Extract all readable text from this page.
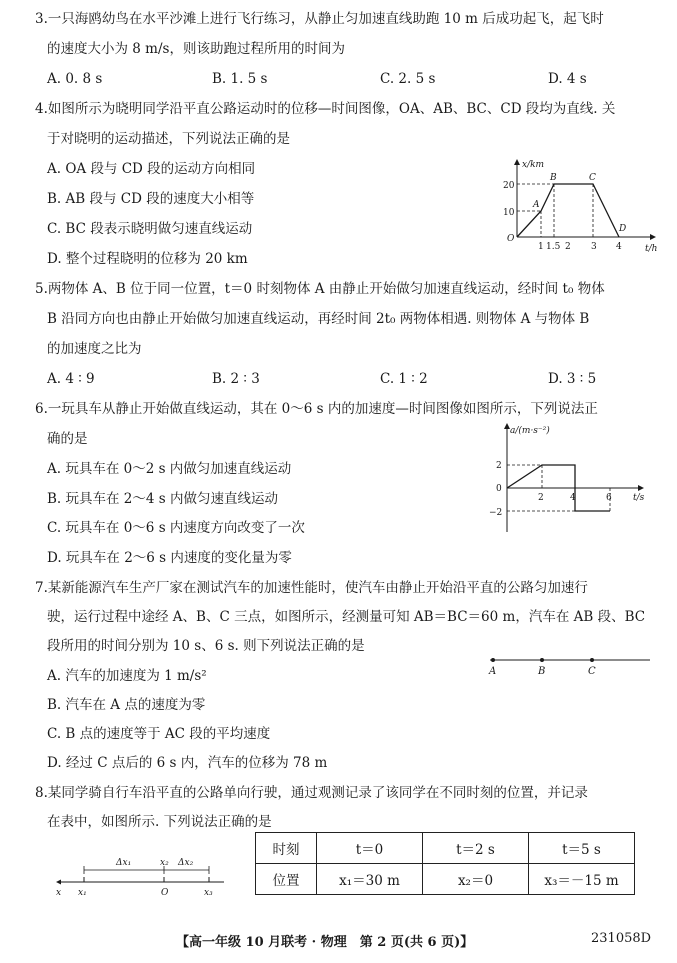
3.一只海鸥幼鸟在水平沙滩上进行飞行练习，从静止匀加速直线助跑 10 m 后成功起飞，起飞时
的速度大小为 8 m/s，则该助跑过程所用的时间为
A. 0. 8 s	B. 1. 5 s	C. 2. 5 s	D. 4 s
4.如图所示为晓明同学沿平直公路运动时的位移—时间图像，OA、AB、BC、CD 段均为直线. 关
于对晓明的运动描述，下列说法正确的是
A. OA 段与 CD 段的运动方向相同
B. AB 段与 CD 段的速度大小相等
C. BC 段表示晓明做匀速直线运动
D. 整个过程晓明的位移为 20 km
x/km
t/h
O
20
10
1 1.5 2 3 4
A
B	C
D
5.两物体 A、B 位于同一位置，t＝0 时刻物体 A 由静止开始做匀加速直线运动，经时间 t₀ 物体
B 沿同方向也由静止开始做匀加速直线运动，再经时间 2t₀ 两物体相遇. 则物体 A 与物体 B
的加速度之比为
A. 4 ∶ 9	B. 2 ∶ 3	C. 1 ∶ 2	D. 3 ∶ 5
6.一玩具车从静止开始做直线运动，其在 0～6 s 内的加速度—时间图像如图所示，下列说法正
确的是
A. 玩具车在 0～2 s 内做匀加速直线运动
B. 玩具车在 2～4 s 内做匀速直线运动
C. 玩具车在 0～6 s 内速度方向改变了一次
D. 玩具车在 2～6 s 内速度的变化量为零
a/(m·s⁻²)
t/s
2
0
−2
2	4	6
7.某新能源汽车生产厂家在测试汽车的加速性能时，使汽车由静止开始沿平直的公路匀加速行
驶，运行过程中途经 A、B、C 三点，如图所示，经测量可知 AB＝BC＝60 m，汽车在 AB 段、BC
段所用的时间分别为 10 s、6 s. 则下列说法正确的是
A. 汽车的加速度为 1 m/s²
B. 汽车在 A 点的速度为零
C. B 点的速度等于 AC 段的平均速度
D. 经过 C 点后的 6 s 内，汽车的位移为 78 m
A	B	C
8.某同学骑自行车沿平直的公路单向行驶，通过观测记录了该同学在不同时刻的位置，并记录
在表中，如图所示. 下列说法正确的是
x x₁
Δx₁	x₂ Δx₂
O	x₃
时刻	t＝0	t＝2 s	t＝5 s
位置	x₁＝30 m	x₂＝0	x₃＝－15 m
【高一年级 10 月联考 · 物理　第 2 页(共 6 页)】	231058D
